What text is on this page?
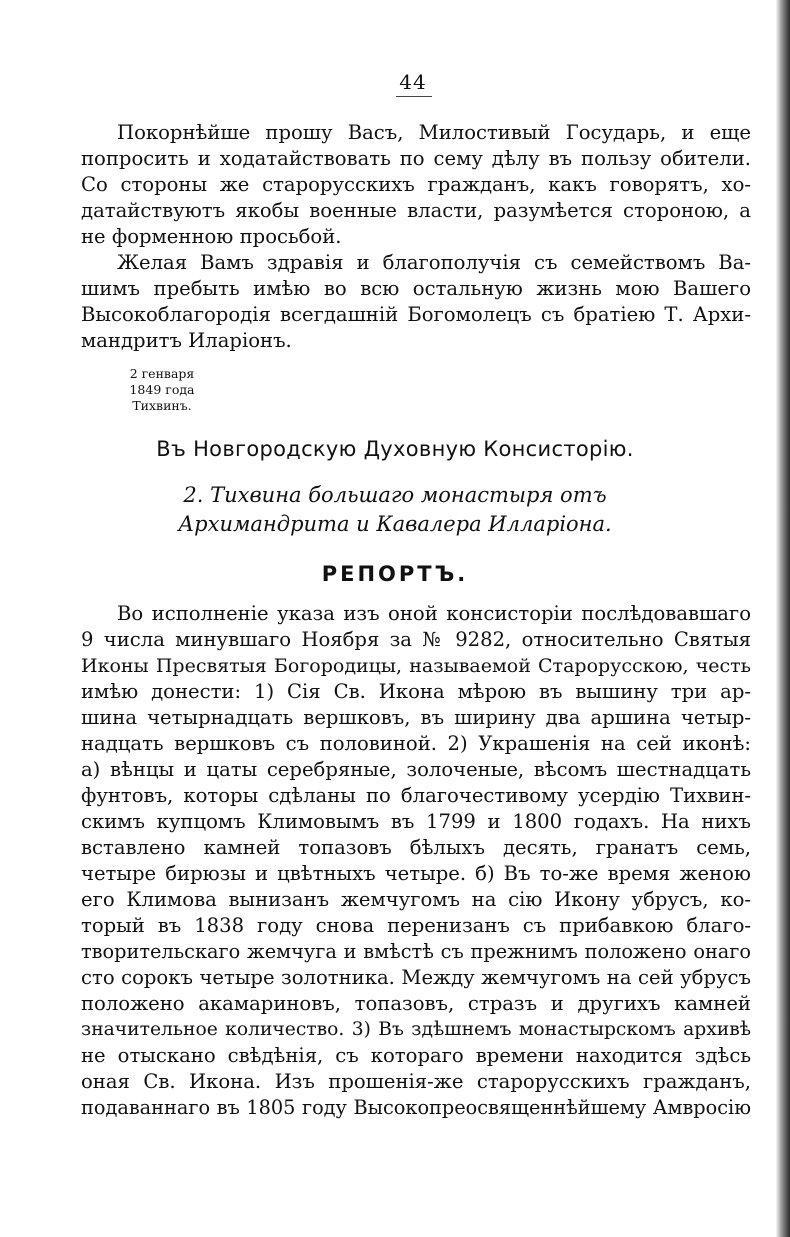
44
Покорнѣйше прошу Васъ, Милостивый Государь, и еще
попросить и ходатайствовать по сему дѣлу въ пользу обители.
Со стороны же старорусскихъ гражданъ, какъ говорятъ, хо-
датайствуютъ якобы военные власти, разумѣется стороною, а
не форменною просьбой.
Желая Вамъ здравія и благополучія съ семействомъ Ва-
шимъ пребыть имѣю во всю остальную жизнь мою Вашего
Высокоблагородія всегдашній Богомолецъ съ братіею Т. Архи-
мандритъ Иларіонъ.
2 генваря
1849 года
Тихвинъ.
Въ Новгородскую Духовную Консисторію.
2. Тихвина большаго монастыря отъ
Архимандрита и Кавалера Илларіона.
РЕПОРТЪ.
Во исполненіе указа изъ оной консисторіи послѣдовавшаго
9 числа минувшаго Ноября за № 9282, относительно Святыя
Иконы Пресвятыя Богородицы, называемой Старорусскою, честь
имѣю донести: 1) Сія Св. Икона мѣрою въ вышину три ар-
шина четырнадцать вершковъ, въ ширину два аршина четыр-
надцать вершковъ съ половиной. 2) Украшенія на сей иконѣ:
а) вѣнцы и цаты серебряные, золоченые, вѣсомъ шестнадцать
фунтовъ, которы сдѣланы по благочестивому усердію Тихвин-
скимъ купцомъ Климовымъ въ 1799 и 1800 годахъ. На нихъ
вставлено камней топазовъ бѣлыхъ десять, гранатъ семь,
четыре бирюзы и цвѣтныхъ четыре. б) Въ то-же время женою
его Климова вынизанъ жемчугомъ на сію Икону убрусъ, ко-
торый въ 1838 году снова перенизанъ съ прибавкою благо-
творительскаго жемчуга и вмѣстѣ съ прежнимъ положено онаго
сто сорокъ четыре золотника. Между жемчугомъ на сей убрусъ
положено акамариновъ, топазовъ, стразъ и другихъ камней
значительное количество. 3) Въ здѣшнемъ монастырскомъ архивѣ
не отыскано свѣдѣнія, съ котораго времени находится здѣсь
оная Св. Икона. Изъ прошенія-же старорусскихъ гражданъ,
подаваннаго въ 1805 году Высокопреосвященнѣйшему Амвросію
